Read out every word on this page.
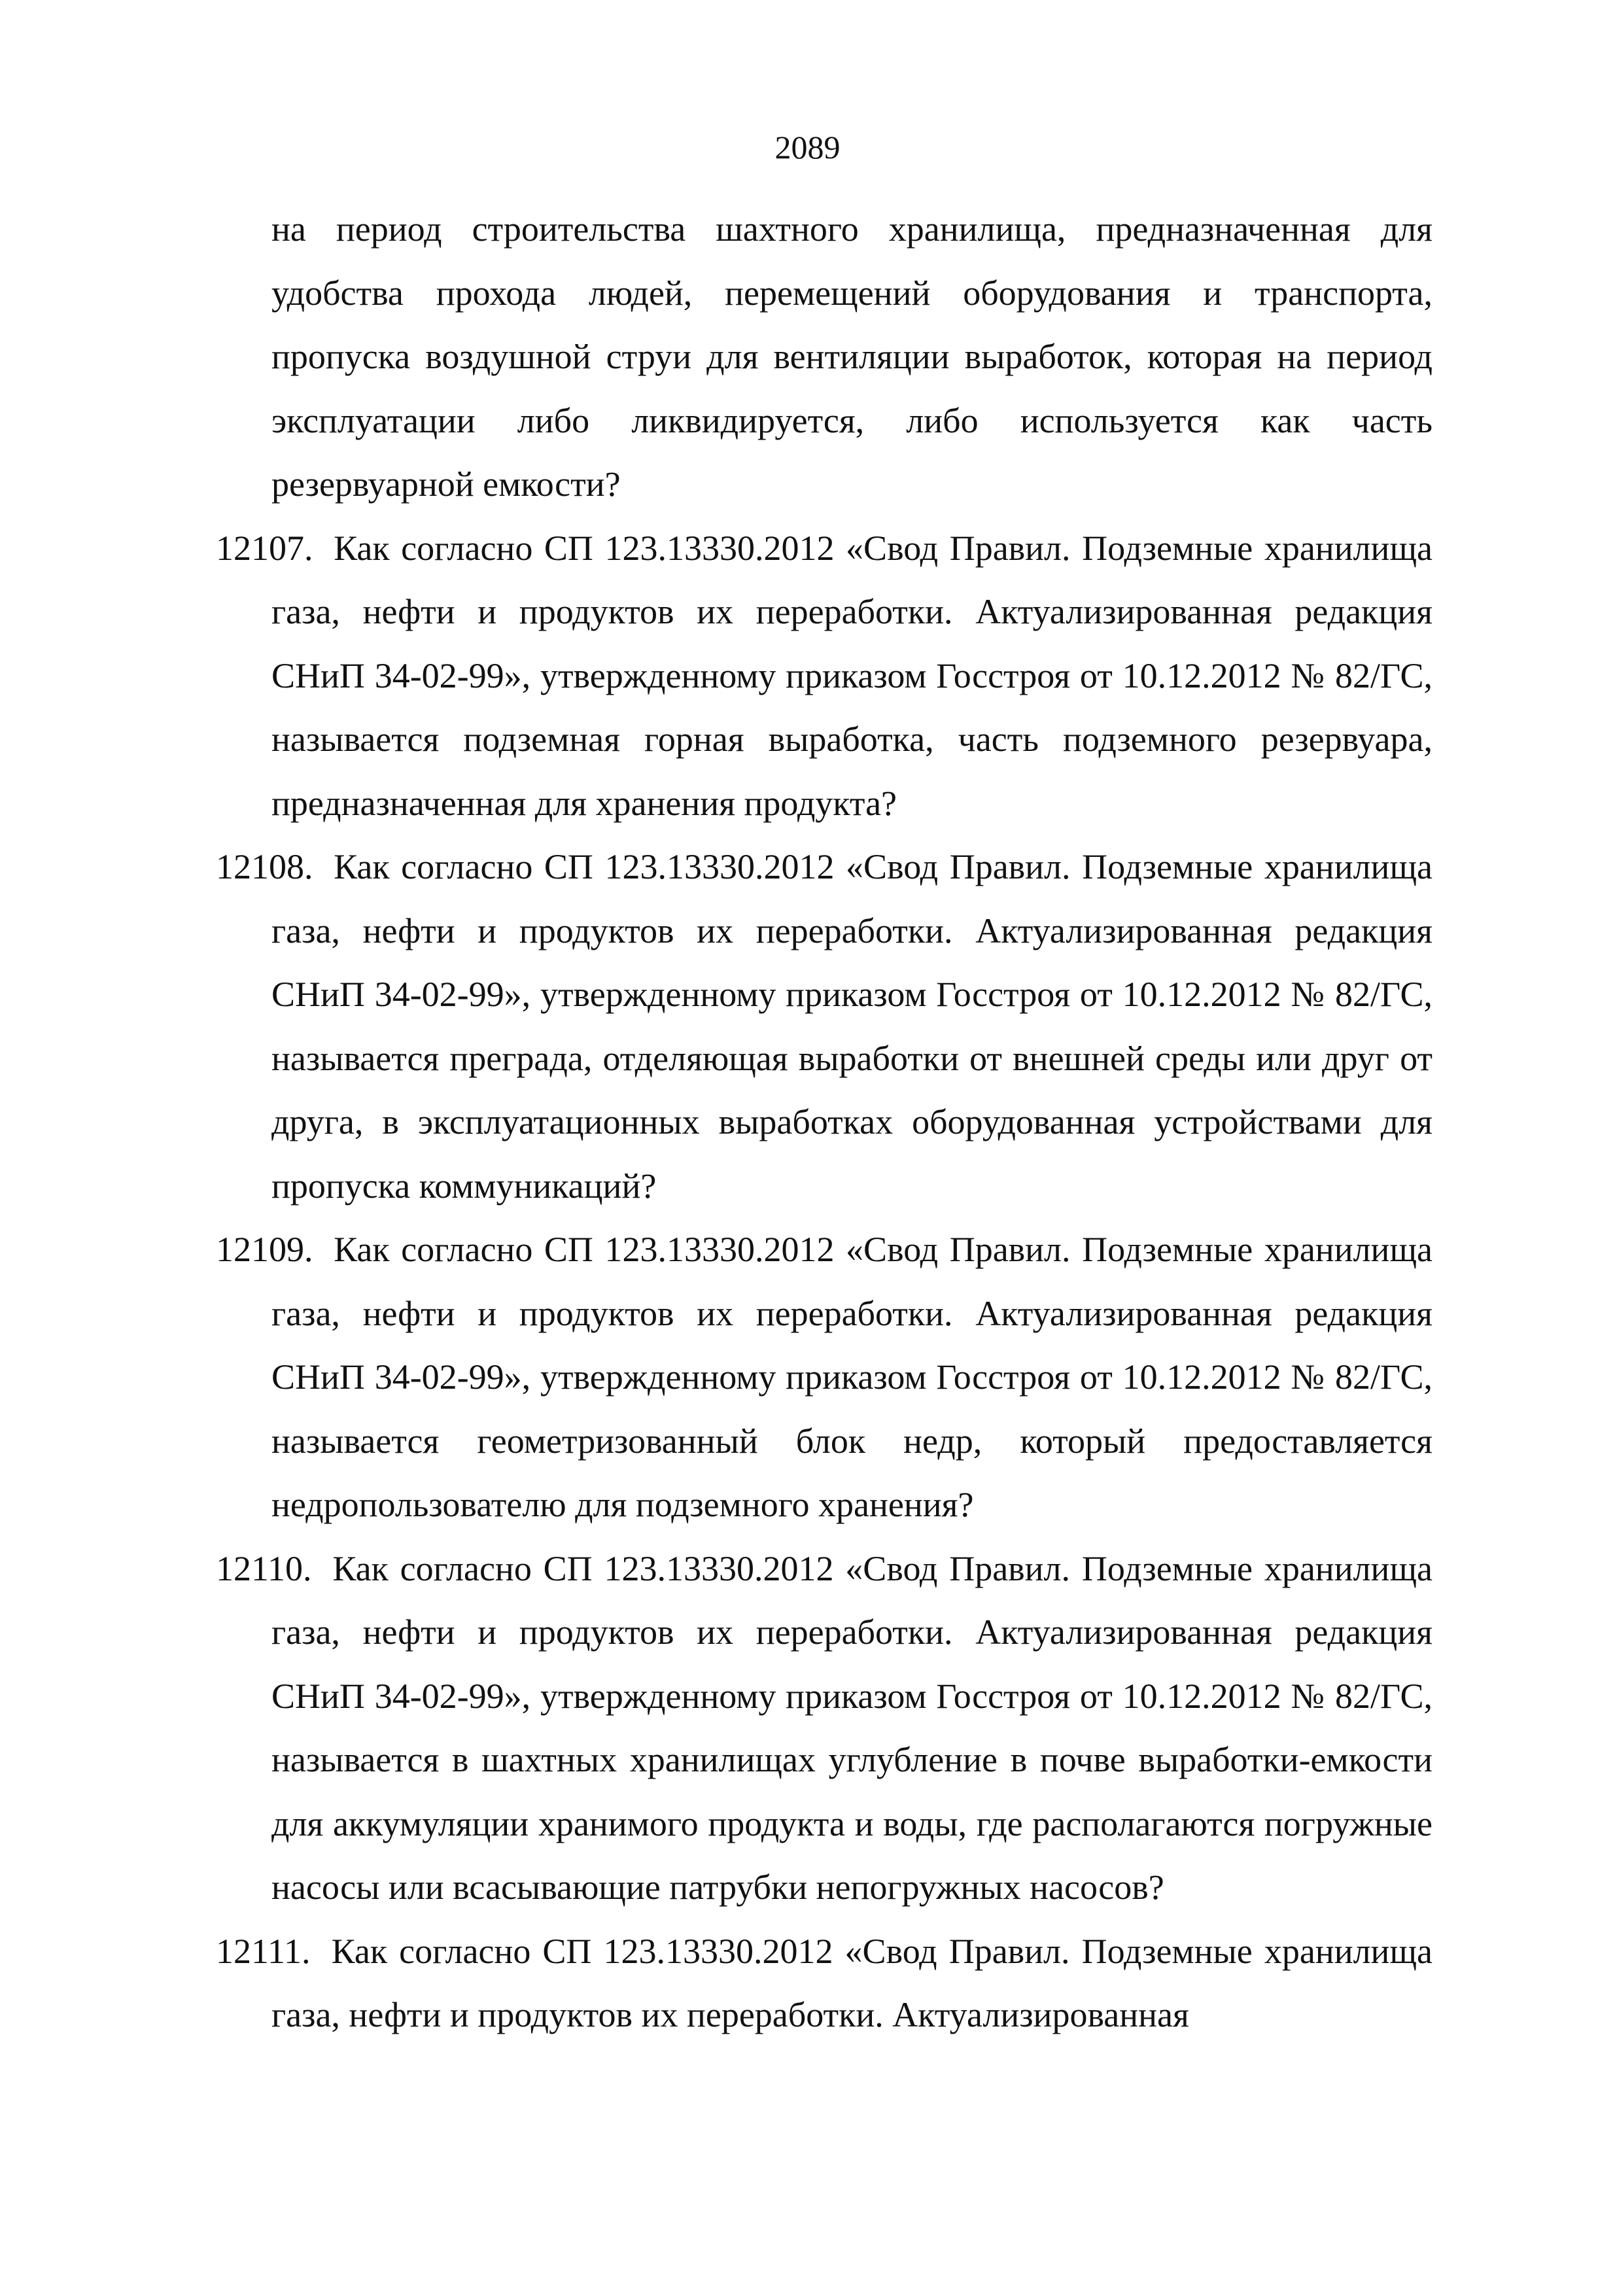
2089

на период строительства шахтного хранилища, предназначенная для удобства прохода людей, перемещений оборудования и транспорта, пропуска воздушной струи для вентиляции выработок, которая на период эксплуатации либо ликвидируется, либо используется как часть резервуарной емкости?

12107. Как согласно СП 123.13330.2012 «Свод Правил. Подземные хранилища газа, нефти и продуктов их переработки. Актуализированная редакция СНиП 34-02-99», утвержденному приказом Госстроя от 10.12.2012 № 82/ГС, называется подземная горная выработка, часть подземного резервуара, предназначенная для хранения продукта?
12108. Как согласно СП 123.13330.2012 «Свод Правил. Подземные хранилища газа, нефти и продуктов их переработки. Актуализированная редакция СНиП 34-02-99», утвержденному приказом Госстроя от 10.12.2012 № 82/ГС, называется преграда, отделяющая выработки от внешней среды или друг от друга, в эксплуатационных выработках оборудованная устройствами для пропуска коммуникаций?
12109. Как согласно СП 123.13330.2012 «Свод Правил. Подземные хранилища газа, нефти и продуктов их переработки. Актуализированная редакция СНиП 34-02-99», утвержденному приказом Госстроя от 10.12.2012 № 82/ГС, называется геометризованный блок недр, который предоставляется недропользователю для подземного хранения?
12110. Как согласно СП 123.13330.2012 «Свод Правил. Подземные хранилища газа, нефти и продуктов их переработки. Актуализированная редакция СНиП 34-02-99», утвержденному приказом Госстроя от 10.12.2012 № 82/ГС, называется в шахтных хранилищах углубление в почве выработки-емкости для аккумуляции хранимого продукта и воды, где располагаются погружные насосы или всасывающие патрубки непогружных насосов?
12111. Как согласно СП 123.13330.2012 «Свод Правил. Подземные хранилища газа, нефти и продуктов их переработки. Актуализированная
